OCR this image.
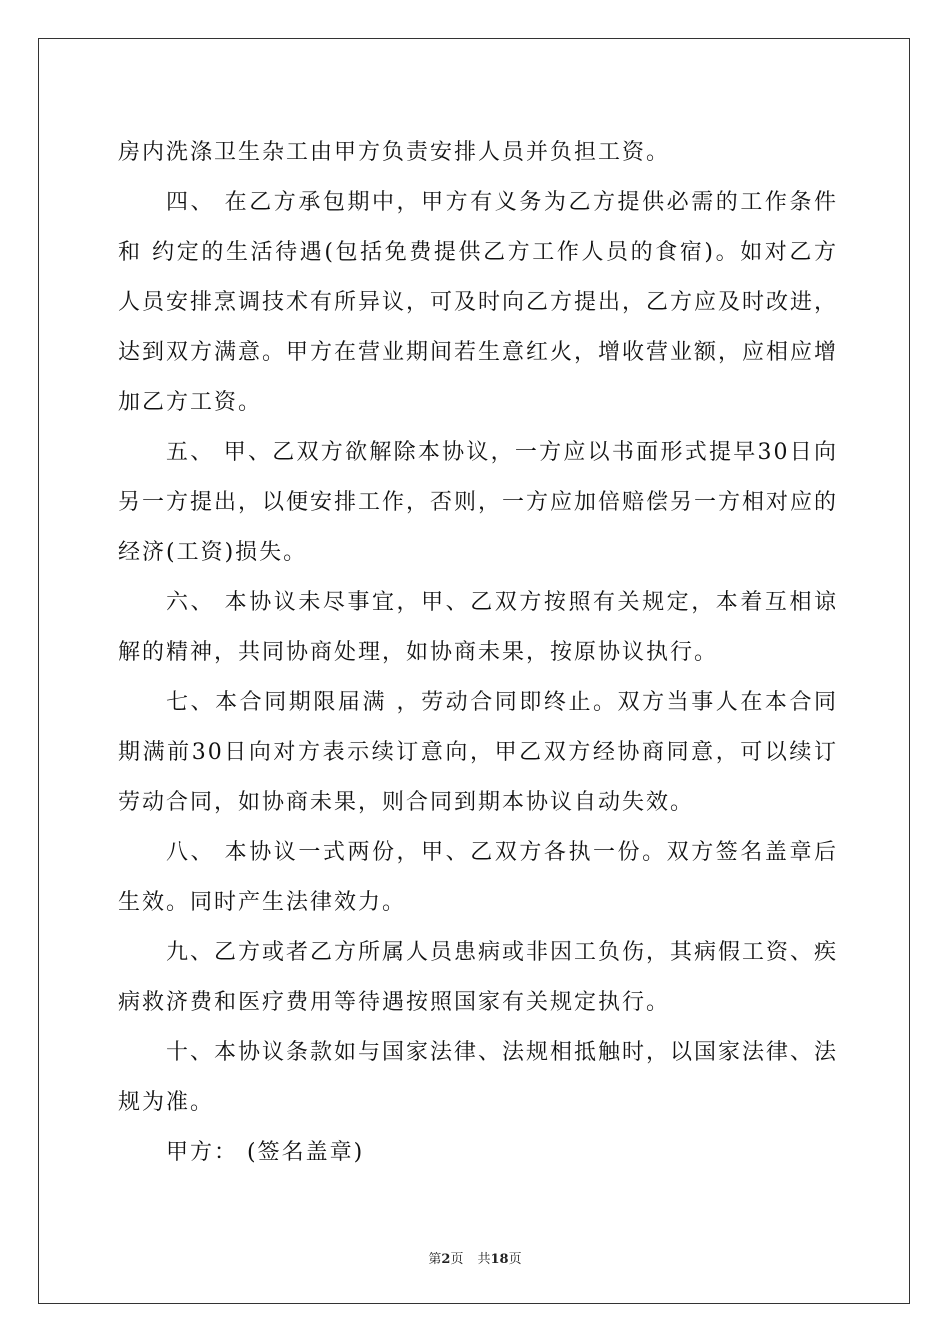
房内洗涤卫生杂工由甲方负责安排人员并负担工资。

四、 在乙方承包期中，甲方有义务为乙方提供必需的工作条件和 约定的生活待遇(包括免费提供乙方工作人员的食宿)。如对乙方人员安排烹调技术有所异议，可及时向乙方提出，乙方应及时改进，达到双方满意。甲方在营业期间若生意红火，增收营业额，应相应增加乙方工资。

五、 甲、乙双方欲解除本协议，一方应以书面形式提早30日向另一方提出，以便安排工作，否则，一方应加倍赔偿另一方相对应的经济(工资)损失。

六、 本协议未尽事宜，甲、乙双方按照有关规定，本着互相谅解的精神，共同协商处理，如协商未果，按原协议执行。

七、本合同期限届满 ，劳动合同即终止。双方当事人在本合同期满前30日向对方表示续订意向，甲乙双方经协商同意，可以续订劳动合同，如协商未果，则合同到期本协议自动失效。

八、 本协议一式两份，甲、乙双方各执一份。双方签名盖章后生效。同时产生法律效力。

九、乙方或者乙方所属人员患病或非因工负伤，其病假工资、疾病救济费和医疗费用等待遇按照国家有关规定执行。

十、本协议条款如与国家法律、法规相抵触时，以国家法律、法规为准。

甲方： (签名盖章)

第2页 共18页
